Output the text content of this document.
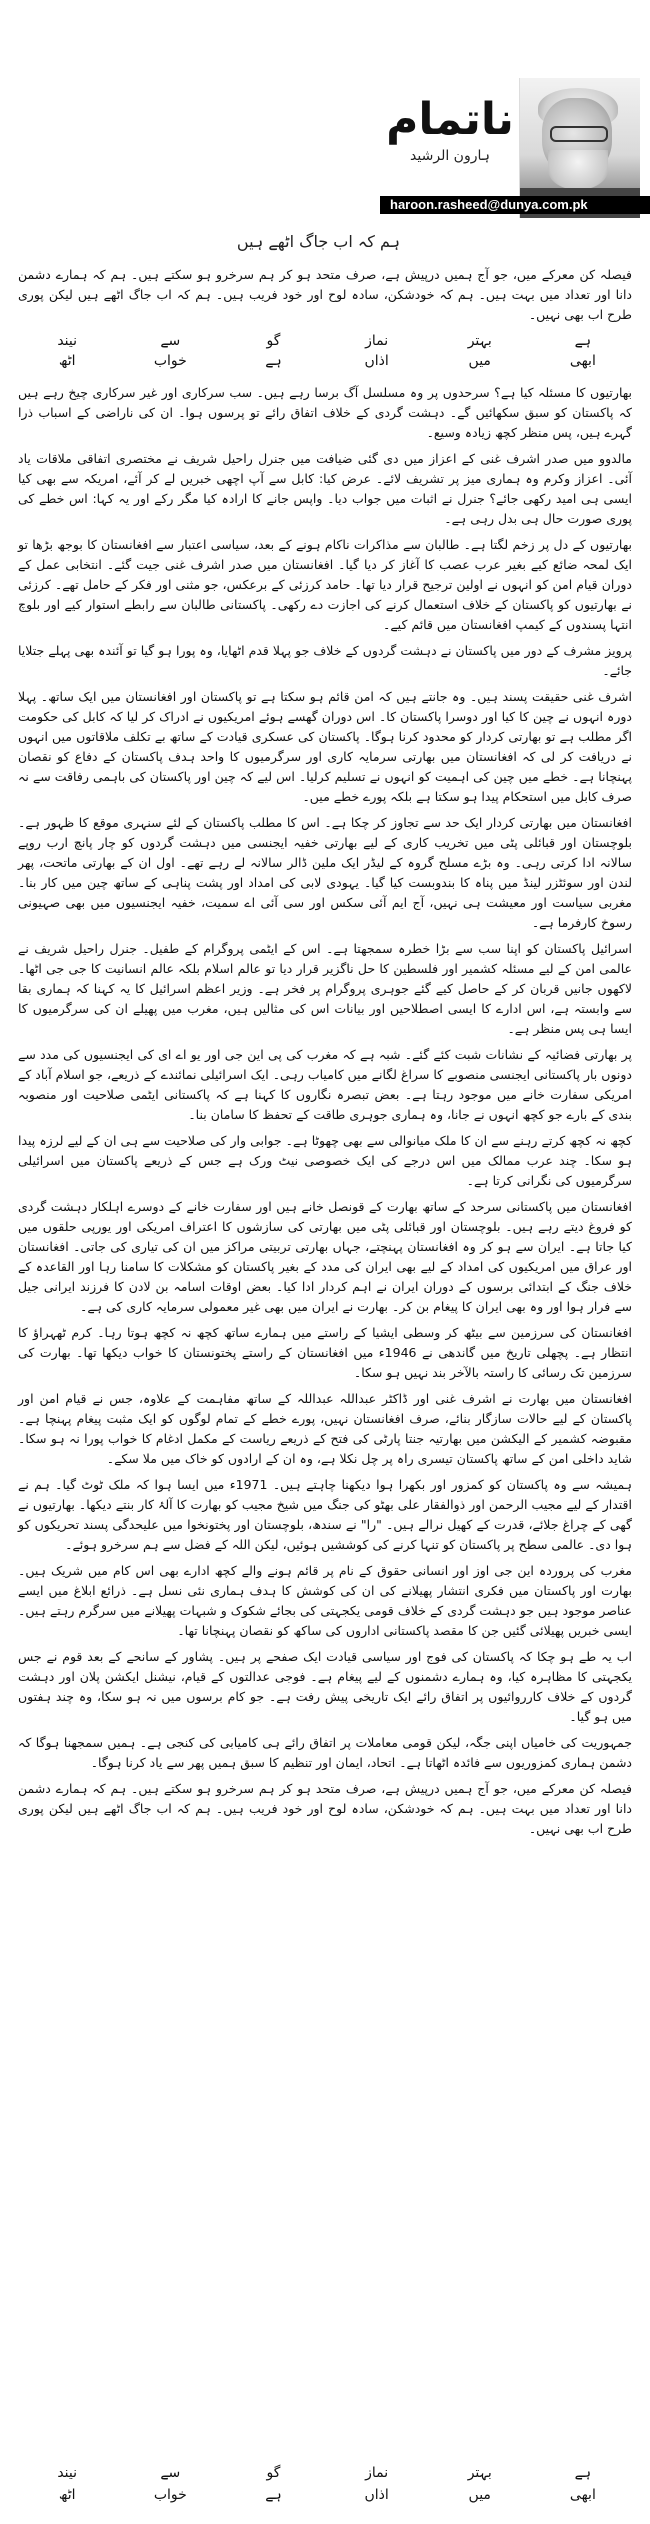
ناتمام
ہارون الرشید
haroon.rasheed@dunya.com.pk
ہم کہ اب جاگ اٹھے ہیں

فیصلہ کن معرکے میں، جو آج ہمیں درپیش ہے، صرف متحد ہو کر ہم سرخرو ہو سکتے ہیں۔ ہم کہ ہمارے دشمن دانا اور تعداد میں بہت ہیں۔ ہم کہ خودشکن، سادہ لوح اور خود فریب ہیں۔ ہم کہ اب جاگ اٹھے ہیں لیکن پوری طرح اب بھی نہیں۔

نیند	سے	گو	نماز	بہتر	ہے
اٹھ	خواب	ہے	اذاں	میں	ابھی

بھارتیوں کا مسئلہ کیا ہے؟ سرحدوں پر وہ مسلسل آگ برسا رہے ہیں۔ سب سرکاری اور غیر سرکاری چیخ رہے ہیں کہ پاکستان کو سبق سکھائیں گے۔ دہشت گردی کے خلاف اتفاق رائے تو پرسوں ہوا۔ ان کی ناراضی کے اسباب ذرا گہرے ہیں، پس منظر کچھ زیادہ وسیع۔

مالدوو میں صدر اشرف غنی کے اعزاز میں دی گئی ضیافت میں جنرل راحیل شریف نے مختصری اتفاقی ملاقات یاد آئی۔ اعزاز وکرم وہ ہماری میز پر تشریف لائے۔ عرض کیا: کابل سے آپ اچھی خبریں لے کر آئے، امریکہ سے بھی کیا ایسی ہی امید رکھی جائے؟ جنرل نے اثبات میں جواب دیا۔ واپس جانے کا ارادہ کیا مگر رکے اور یہ کہا: اس خطے کی پوری صورت حال ہی بدل رہی ہے۔

بھارتیوں کے دل پر زخم لگتا ہے۔ طالبان سے مذاکرات ناکام ہونے کے بعد، سیاسی اعتبار سے افغانستان کا بوجھ بڑھا تو ایک لمحہ ضائع کیے بغیر عرب عصب کا آغاز کر دیا گیا۔ افغانستان میں صدر اشرف غنی جیت گئے۔ انتخابی عمل کے دوران قیام امن کو انہوں نے اولین ترجیح قرار دیا تھا۔ حامد کرزئی کے برعکس، جو مثنی اور فکر کے حامل تھے۔ کرزئی نے بھارتیوں کو پاکستان کے خلاف استعمال کرنے کی اجازت دے رکھی۔ پاکستانی طالبان سے رابطے استوار کیے اور بلوچ انتہا پسندوں کے کیمپ افغانستان میں قائم کیے۔

پرویز مشرف کے دور میں پاکستان نے دہشت گردوں کے خلاف جو پہلا قدم اٹھایا، وہ پورا ہو گیا تو آئندہ بھی پہلے جتلایا جائے۔

اشرف غنی حقیقت پسند ہیں۔ وہ جانتے ہیں کہ امن قائم ہو سکتا ہے تو پاکستان اور افغانستان میں ایک ساتھ۔ پہلا دورہ انہوں نے چین کا کیا اور دوسرا پاکستان کا۔ اس دوران گھسے ہوئے امریکیوں نے ادراک کر لیا کہ کابل کی حکومت اگر مطلب ہے تو بھارتی کردار کو محدود کرنا ہوگا۔ پاکستان کی عسکری قیادت کے ساتھ بے تکلف ملاقاتوں میں انہوں نے دریافت کر لی کہ افغانستان میں بھارتی سرمایہ کاری اور سرگرمیوں کا واحد ہدف پاکستان کے دفاع کو نقصان پہنچانا ہے۔ خطے میں چین کی اہمیت کو انہوں نے تسلیم کرلیا۔ اس لیے کہ چین اور پاکستان کی باہمی رفاقت سے نہ صرف کابل میں استحکام پیدا ہو سکتا ہے بلکہ پورے خطے میں۔

افغانستان میں بھارتی کردار ایک حد سے تجاوز کر چکا ہے۔ اس کا مطلب پاکستان کے لئے سنہری موقع کا ظہور ہے۔ بلوچستان اور قبائلی پٹی میں تخریب کاری کے لیے بھارتی خفیہ ایجنسی میں دہشت گردوں کو چار پانچ ارب روپے سالانہ ادا کرتی رہی۔ وہ بڑے مسلح گروہ کے لیڈر ایک ملین ڈالر سالانہ لے رہے تھے۔ اول ان کے بھارتی ماتحت، پھر لندن اور سوئٹزر لینڈ میں پناہ کا بندوبست کیا گیا۔ یہودی لابی کی امداد اور پشت پناہی کے ساتھ چین میں کار بنا۔ مغربی سیاست اور معیشت ہی نہیں، آج ایم آئی سکس اور سی آئی اے سمیت، خفیہ ایجنسیوں میں بھی صہیونی رسوخ کارفرما ہے۔

اسرائیل پاکستان کو اپنا سب سے بڑا خطرہ سمجھتا ہے۔ اس کے ایٹمی پروگرام کے طفیل۔ جنرل راحیل شریف نے عالمی امن کے لیے مسئلہ کشمیر اور فلسطین کا حل ناگزیر قرار دیا تو عالم اسلام بلکہ عالم انسانیت کا جی جی اٹھا۔ لاکھوں جانیں قربان کر کے حاصل کیے گئے جوہری پروگرام پر فخر ہے۔ وزیر اعظم اسرائیل کا یہ کہنا کہ ہماری بقا سے وابستہ ہے، اس ادارے کا ایسی اصطلاحیں اور بیانات اس کی مثالیں ہیں، مغرب میں پھیلے ان کی سرگرمیوں کا ایسا ہی پس منظر ہے۔

پر بھارتی فضائیہ کے نشانات شبت کئے گئے۔ شبہ ہے کہ مغرب کی پی این جی اور یو اے ای کی ایجنسیوں کی مدد سے دونوں بار پاکستانی ایجنسی منصوبے کا سراغ لگانے میں کامیاب رہی۔ ایک اسرائیلی نمائندے کے ذریعے، جو اسلام آباد کے امریکی سفارت خانے میں موجود رہتا ہے۔ بعض تبصرہ نگاروں کا کہنا ہے کہ پاکستانی ایٹمی صلاحیت اور منصوبہ بندی کے بارے جو کچھ انہوں نے جانا، وہ ہماری جوہری طاقت کے تحفظ کا سامان بنا۔

کچھ نہ کچھ کرتے رہنے سے ان کا ملک میانوالی سے بھی چھوٹا ہے۔ جوابی وار کی صلاحیت سے ہی ان کے لیے لرزہ پیدا ہو سکا۔ چند عرب ممالک میں اس درجے کی ایک خصوصی نیٹ ورک ہے جس کے ذریعے پاکستان میں اسرائیلی سرگرمیوں کی نگرانی کرتا ہے۔

افغانستان میں پاکستانی سرحد کے ساتھ بھارت کے قونصل خانے ہیں اور سفارت خانے کے دوسرے اہلکار دہشت گردی کو فروغ دیتے رہے ہیں۔ بلوچستان اور قبائلی پٹی میں بھارتی کی سازشوں کا اعتراف امریکی اور یورپی حلقوں میں کیا جاتا ہے۔ ایران سے ہو کر وہ افغانستان پہنچتے، جہاں بھارتی تربیتی مراکز میں ان کی تیاری کی جاتی۔ افغانستان اور عراق میں امریکیوں کی امداد کے لیے بھی ایران کی مدد کے بغیر پاکستان کو مشکلات کا سامنا رہا اور القاعدہ کے خلاف جنگ کے ابتدائی برسوں کے دوران ایران نے اہم کردار ادا کیا۔ بعض اوقات اسامہ بن لادن کا فرزند ایرانی جیل سے فرار ہوا اور وہ بھی ایران کا پیغام بن کر۔ بھارت نے ایران میں بھی غیر معمولی سرمایہ کاری کی ہے۔

افغانستان کی سرزمین سے بیٹھ کر وسطی ایشیا کے راستے میں ہمارے ساتھ کچھ نہ کچھ ہوتا رہا۔ کرم ٹھہراؤ کا انتظار ہے۔ پچھلی تاریخ میں گاندھی نے 1946ء میں افغانستان کے راستے پختونستان کا خواب دیکھا تھا۔ بھارت کی سرزمین تک رسائی کا راستہ بالآخر بند نہیں ہو سکا۔

افغانستان میں بھارت نے اشرف غنی اور ڈاکٹر عبداللہ عبداللہ کے ساتھ مفاہمت کے علاوہ، جس نے قیام امن اور پاکستان کے لیے حالات سازگار بنائے، صرف افغانستان نہیں، پورے خطے کے تمام لوگوں کو ایک مثبت پیغام پہنچا ہے۔ مقبوضہ کشمیر کے الیکشن میں بھارتیہ جنتا پارٹی کی فتح کے ذریعے ریاست کے مکمل ادغام کا خواب پورا نہ ہو سکا۔ شاید داخلی امن کے ساتھ پاکستان تیسری راہ پر چل نکلا ہے، وہ ان کے ارادوں کو خاک میں ملا سکے۔

ہمیشہ سے وہ پاکستان کو کمزور اور بکھرا ہوا دیکھنا چاہتے ہیں۔ 1971ء میں ایسا ہوا کہ ملک ٹوٹ گیا۔ ہم نے اقتدار کے لیے مجیب الرحمن اور ذوالفقار علی بھٹو کی جنگ میں شیخ مجیب کو بھارت کا آلۂ کار بنتے دیکھا۔ بھارتیوں نے گھی کے چراغ جلائے، قدرت کے کھیل نرالے ہیں۔ "را" نے سندھ، بلوچستان اور پختونخوا میں علیحدگی پسند تحریکوں کو ہوا دی۔ عالمی سطح پر پاکستان کو تنہا کرنے کی کوششیں ہوئیں، لیکن اللہ کے فضل سے ہم سرخرو ہوئے۔

مغرب کی پروردہ این جی اوز اور انسانی حقوق کے نام پر قائم ہونے والے کچھ ادارے بھی اس کام میں شریک ہیں۔ بھارت اور پاکستان میں فکری انتشار پھیلانے کی ان کی کوشش کا ہدف ہماری نئی نسل ہے۔ ذرائع ابلاغ میں ایسے عناصر موجود ہیں جو دہشت گردی کے خلاف قومی یکجہتی کی بجائے شکوک و شبہات پھیلانے میں سرگرم رہتے ہیں۔ ایسی خبریں پھیلائی گئیں جن کا مقصد پاکستانی اداروں کی ساکھ کو نقصان پہنچانا تھا۔

اب یہ طے ہو چکا کہ پاکستان کی فوج اور سیاسی قیادت ایک صفحے پر ہیں۔ پشاور کے سانحے کے بعد قوم نے جس یکجہتی کا مظاہرہ کیا، وہ ہمارے دشمنوں کے لیے پیغام ہے۔ فوجی عدالتوں کے قیام، نیشنل ایکشن پلان اور دہشت گردوں کے خلاف کارروائیوں پر اتفاق رائے ایک تاریخی پیش رفت ہے۔ جو کام برسوں میں نہ ہو سکا، وہ چند ہفتوں میں ہو گیا۔

جمہوریت کی خامیاں اپنی جگہ، لیکن قومی معاملات پر اتفاق رائے ہی کامیابی کی کنجی ہے۔ ہمیں سمجھنا ہوگا کہ دشمن ہماری کمزوریوں سے فائدہ اٹھاتا ہے۔ اتحاد، ایمان اور تنظیم کا سبق ہمیں پھر سے یاد کرنا ہوگا۔

فیصلہ کن معرکے میں، جو آج ہمیں درپیش ہے، صرف متحد ہو کر ہم سرخرو ہو سکتے ہیں۔ ہم کہ ہمارے دشمن دانا اور تعداد میں بہت ہیں۔ ہم کہ خودشکن، سادہ لوح اور خود فریب ہیں۔ ہم کہ اب جاگ اٹھے ہیں لیکن پوری طرح اب بھی نہیں۔

نیند	سے	گو	نماز	بہتر	ہے
اٹھ	خواب	ہے	اذاں	میں	ابھی
